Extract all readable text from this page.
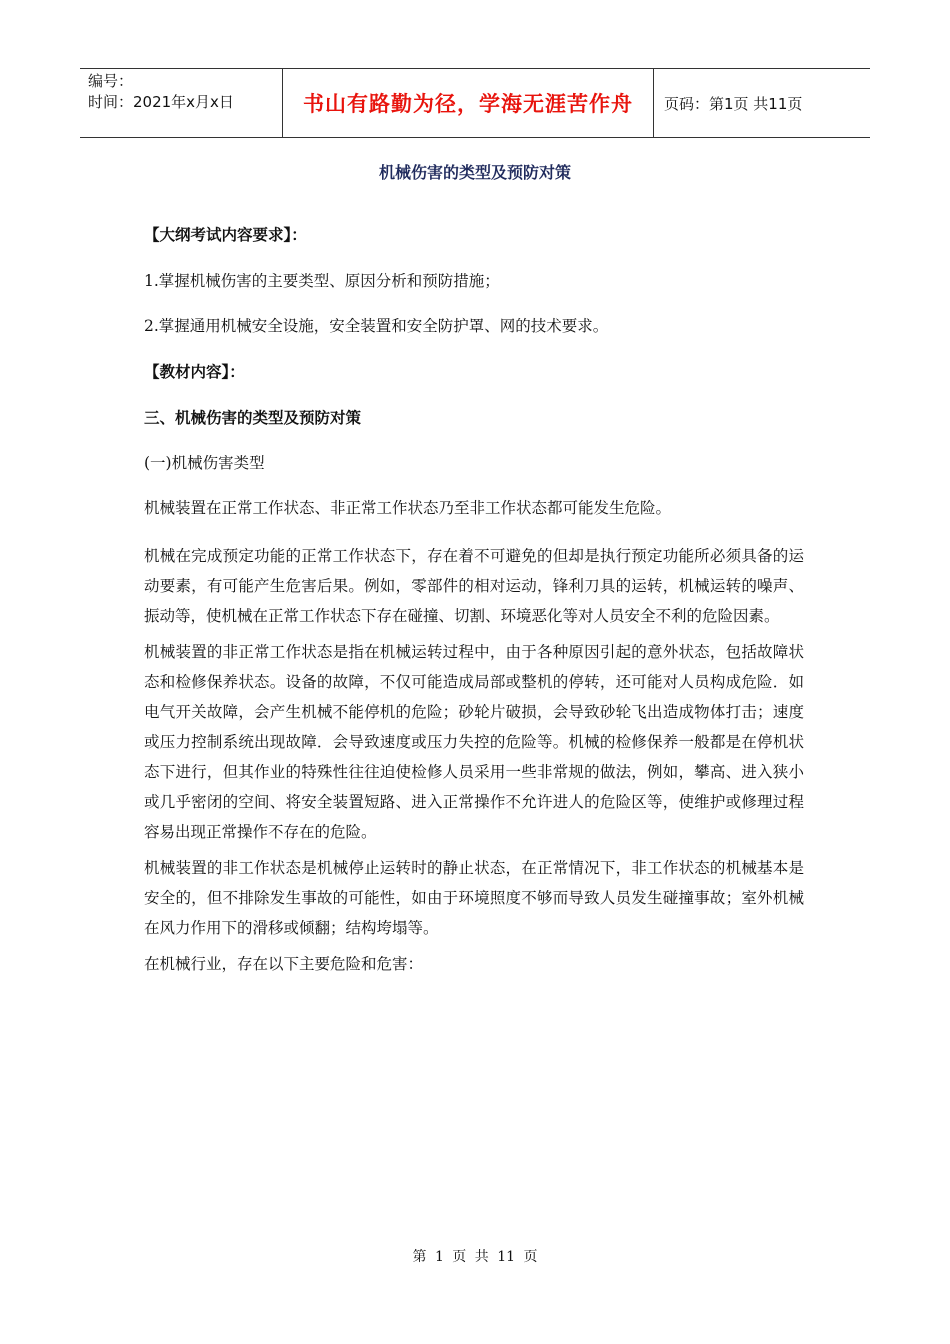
编号：
时间：2021年x月x日	书山有路勤为径，学海无涯苦作舟 页码：第1页 共11页
机械伤害的类型及预防对策

【大纲考试内容要求】：

1.掌握机械伤害的主要类型、原因分析和预防措施；

2.掌握通用机械安全设施，安全装置和安全防护罩、网的技术要求。

【教材内容】：

三、机械伤害的类型及预防对策

(一)机械伤害类型

机械装置在正常工作状态、非正常工作状态乃至非工作状态都可能发生危险。

机械在完成预定功能的正常工作状态下，存在着不可避免的但却是执行预定功能所必须具备的运动要素，有可能产生危害后果。例如，零部件的相对运动，锋利刀具的运转，机械运转的噪声、振动等，使机械在正常工作状态下存在碰撞、切割、环境恶化等对人员安全不利的危险因素。

机械装置的非正常工作状态是指在机械运转过程中，由于各种原因引起的意外状态，包括故障状态和检修保养状态。设备的故障，不仅可能造成局部或整机的停转，还可能对人员构成危险．如电气开关故障，会产生机械不能停机的危险；砂轮片破损，会导致砂轮飞出造成物体打击；速度或压力控制系统出现故障．会导致速度或压力失控的危险等。机械的检修保养一般都是在停机状态下进行，但其作业的特殊性往往迫使检修人员采用一些非常规的做法，例如，攀高、进入狭小或几乎密闭的空间、将安全装置短路、进入正常操作不允许进人的危险区等，使维护或修理过程容易出现正常操作不存在的危险。

机械装置的非工作状态是机械停止运转时的静止状态，在正常情况下，非工作状态的机械基本是安全的，但不排除发生事故的可能性，如由于环境照度不够而导致人员发生碰撞事故；室外机械在风力作用下的滑移或倾翻；结构垮塌等。

在机械行业，存在以下主要危险和危害：

第 1 页 共 11 页
